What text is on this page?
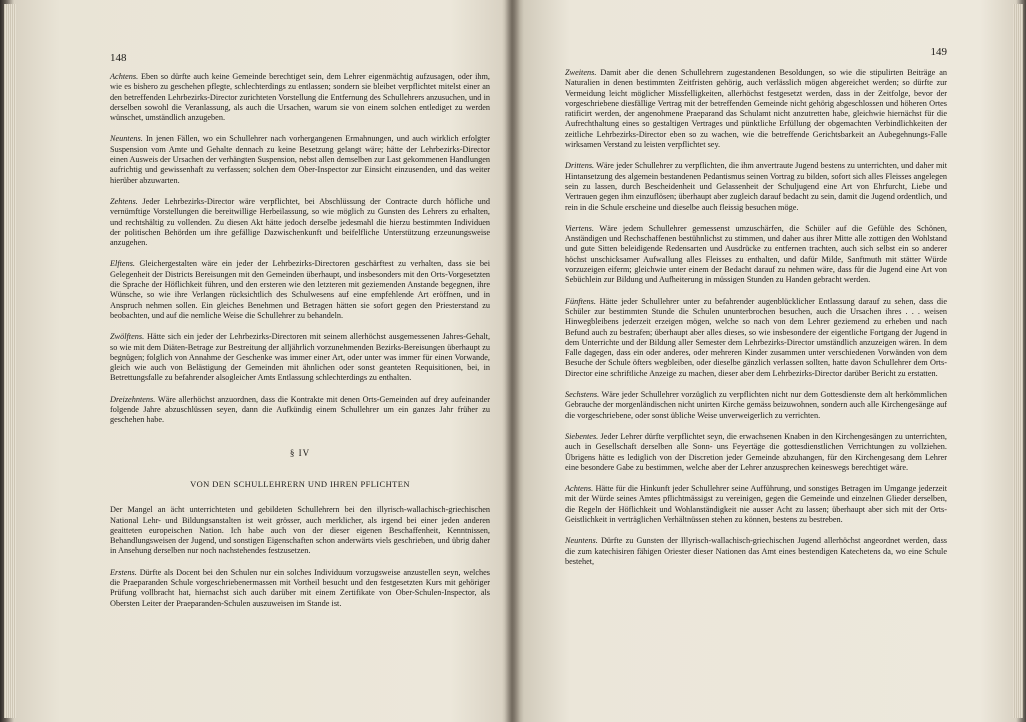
148

Achtens. Eben so dürfte auch keine Gemeinde berechtiget sein, dem Lehrer eigenmächtig aufzusagen, oder ihm, wie es bishero zu geschehen pflegte, schlechterdings zu entlassen; sondern sie bleibet verpflichtet mitelst einer an den betreffenden Lehrbezirks-Director zurichteten Vorstellung die Entfernung des Schullehrers anzusuchen, und in derselben sowohl die Veranlassung, als auch die Ursachen, warum sie von einem solchen entlediget zu werden wünschet, umständlich anzugeben.

Neuntens. In jenen Fällen, wo ein Schullehrer nach vorhergangenen Ermahnungen, und auch wirklich erfolgter Suspension vom Amte und Gehalte dennach zu keine Besetzung gelangt wäre; hätte der Lehrbezirks-Director einen Ausweis der Ursachen der verhängten Suspension, nebst allen demselben zur Last gekommenen Handlungen aufrichtig und gewissenhaft zu verfassen; solchen dem Ober-Inspector zur Einsicht einzusenden, und das weiter hierüber abzuwarten.

Zehtens. Jeder Lehrbezirks-Director wäre verpflichtet, bei Abschlüssung der Contracte durch höfliche und vernümftige Vorstellungen die bereitwillige Herbeilassung, so wie möglich zu Gunsten des Lehrers zu erhalten, und rechtshältig zu vollenden. Zu diesen Akt hätte jedoch derselbe jedesmahl die hierzu bestimmten Individuen der politischen Behörden um ihre gefällige Dazwischenkunft und beifelfliche Unterstützung erzeunungsweise anzugehen.

Elftens. Gleichergestalten wäre ein jeder der Lehrbezirks-Directoren geschärftest zu verhalten, dass sie bei Gelegenheit der Districts Bereisungen mit den Gemeinden überhaupt, und insbesonders mit den Orts-Vorgesetzten die Sprache der Höflichkeit führen, und den ersteren wie den letzteren mit geziemenden Anstande begegnen, ihre Wünsche, so wie ihre Verlangen rücksichtlich des Schulwesens auf eine empfehlende Art eröffnen, und in Anspruch nehmen sollen. Ein gleiches Benehmen und Betragen hätten sie sofort gegen den Priesterstand zu beobachten, und auf die nemliche Weise die Schullehrer zu behandeln.

Zwölftens. Hätte sich ein jeder der Lehrbezirks-Directoren mit seinem allerhöchst ausgemessenen Jahres-Gehalt, so wie mit dem Diäten-Betrage zur Bestreitung der alljährlich vorzunehmenden Bezirks-Bereisungen überhaupt zu begnügen; folglich von Annahme der Geschenke was immer einer Art, oder unter was immer für einen Vorwande, gleich wie auch von Belästigung der Gemeinden mit ähnlichen oder sonst geanteten Requisitionen, bei, in Betrettungsfalle zu befahrender alsogleicher Amts Entlassung schlechterdings zu enthalten.

Dreizehntens. Wäre allerhöchst anzuordnen, dass die Kontrakte mit denen Orts-Gemeinden auf drey aufeinander folgende Jahre abzuschlüssen seyen, dann die Aufkündig einem Schullehrer um ein ganzes Jahr früher zu geschehen habe.

§ IV
VON DEN SCHULLEHRERN UND IHREN PFLICHTEN

Der Mangel an ächt unterrichteten und gebildeten Schullehrern bei den illyrisch-wallachisch-griechischen National Lehr- und Bildungsanstalten ist weit grösser, auch merklicher, als irgend bei einer jeden anderen geaitteten europeischen Nation. Ich habe auch von der dieser eigenen Beschaffenheit, Kenntnissen, Behandlungsweisen der Jugend, und sonstigen Eigenschaften schon anderwärts viels geschrieben, und übrig daher in Ansehung derselben nur noch nachstehendes festzusetzen.

Erstens. Dürfte als Docent bei den Schulen nur ein solches Individuum vorzugsweise anzustellen seyn, welches die Praeparanden Schule vorgeschriebenermassen mit Vortheil besucht und den festgesetzten Kurs mit gehöriger Prüfung vollbracht hat, hiernachst sich auch darüber mit einem Zertifikate von Ober-Schulen-Inspector, als Obersten Leiter der Praeparanden-Schulen auszuweisen im Stande ist.

149

Zweitens. Damit aber die denen Schullehrern zugestandenen Besoldungen, so wie die stipulirten Beiträge an Naturalien in denen bestimmten Zeitfristen gehörig, auch verlässlich mögen abgereichet werden; so dürfte zur Vermeidung leicht möglicher Missfelligkeiten, allerhöchst festgesetzt werden, dass in der Zeitfolge, bevor der vorgeschriebene diesfällige Vertrag mit der betreffenden Gemeinde nicht gehörig abgeschlossen und höheren Ortes ratificirt werden, der angenohmene Praeparand das Schulamt nicht anzutretten habe, gleichwie hiernächst für die Aufrechthaltung eines so gestaltigen Vertrages und pünktliche Erfüllung der obgemachten Verbindlichkeiten der zeitliche Lehrbezirks-Director eben so zu wachen, wie die betreffende Gerichtsbarkeit an Aubegehnungs-Falle wirksamen Verstand zu leisten verpflichtet sey.

Drittens. Wäre jeder Schullehrer zu verpflichten, die ihm anvertraute Jugend bestens zu unterrichten, und daher mit Hintansetzung des algemein bestandenen Pedantismus seinen Vortrag zu bilden, sofort sich alles Fleisses angelegen sein zu lassen, durch Bescheidenheit und Gelassenheit der Schuljugend eine Art von Ehrfurcht, Liebe und Vertrauen gegen ihm einzuflösen; überhaupt aber zugleich darauf bedacht zu sein, damit die Jugend ordentlich, und rein in die Schule erscheine und dieselbe auch fleissig besuchen möge.

Viertens. Wäre jedem Schullehrer gemessenst umzuschärfen, die Schüler auf die Gefühle des Schönen, Anständigen und Rechschaffenen bestühnlichst zu stimmen, und daher aus ihrer Mitte alle zottigen den Wohlstand und gute Sitten beleidigende Redensarten und Ausdrücke zu entfernen trachten, auch sich selbst ein so anderer höchst unschicksamer Aufwallung alles Fleisses zu enthalten, und dafür Milde, Sanftmuth mit stätter Würde vorzuzeigen eiferm; gleichwie unter einem der Bedacht darauf zu nehmen wäre, dass für die Jugend eine Art von Sebüchlein zur Bildung und Aufheiterung in müssigen Stunden zu Handen gebracht werden.

Fünftens. Hätte jeder Schullehrer unter zu befahrender augenblücklicher Entlassung darauf zu sehen, dass die Schüler zur bestimmten Stunde die Schulen ununterbrochen besuchen, auch die Ursachen ihres . . . weisen Hinwegbleibens jederzeit erzeigen mögen, welche so nach von dem Lehrer geziemend zu erheben und nach Befund auch zu bestrafen; überhaupt aber alles dieses, so wie insbesondere der eigentliche Fortgang der Jugend in dem Unterrichte und der Bildung aller Semester dem Lehrbezirks-Director umständlich anzuzeigen wären. In dem Falle dagegen, dass ein oder anderes, oder mehreren Kinder zusammen unter verschiedenen Vorwänden von dem Besuche der Schule öfters wegbleiben, oder dieselbe gänzlich verlassen sollten, hatte davon Schullehrer dem Orts-Director eine schriftliche Anzeige zu machen, dieser aber dem Lehrbezirks-Director darüber Bericht zu erstatten.

Sechstens. Wäre jeder Schullehrer vorzüglich zu verpflichten nicht nur dem Gottesdienste dem alt herkömmlichen Gebrauche der morgenländischen nicht unirten Kirche gemäss beizuwohnen, sondern auch alle Kirchengesänge auf die vorgeschriebene, oder sonst übliche Weise unverweigerlich zu verrichten.

Siebentes. Jeder Lehrer dürfte verpflichtet seyn, die erwachsenen Knaben in den Kirchengesängen zu unterrichten, auch in Gesellschaft derselben alle Sonn- uns Feyertäge die gottesdienstlichen Verrichtungen zu vollziehen. Übrigens hätte es lediglich von der Discretion jeder Gemeinde abzuhangen, für den Kirchengesang dem Lehrer eine besondere Gabe zu bestimmen, welche aber der Lehrer anzusprechen keineswegs berechtiget wäre.

Achtens. Hätte für die Hinkunft jeder Schullehrer seine Aufführung, und sonstiges Betragen im Umgange jederzeit mit der Würde seines Amtes pflichtmässigst zu vereinigen, gegen die Gemeinde und einzelnen Glieder derselben, die Regeln der Höflichkeit und Wohlanständigkeit nie ausser Acht zu lassen; überhaupt aber sich mit der Orts-Geistlichkeit in verträglichen Verhältnüssen stehen zu können, bestens zu bestreben.

Neuntens. Dürfte zu Gunsten der Illyrisch-wallachisch-griechischen Jugend allerhöchst angeordnet werden, dass die zum katechisiren fähigen Oriester dieser Nationen das Amt eines bestendigen Katechetens da, wo eine Schule bestehet,
